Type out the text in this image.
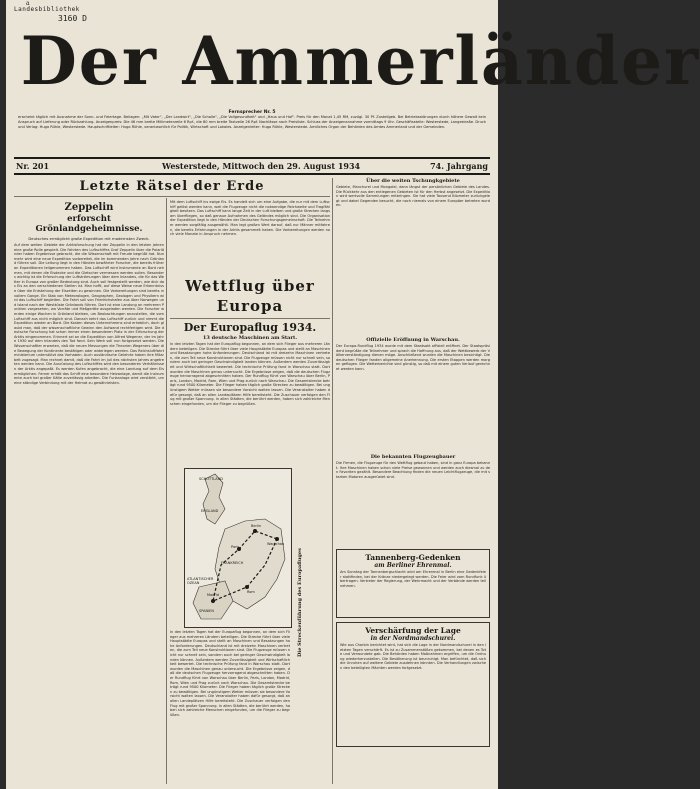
a
Landesbibliothek
3160 D
Der Ammerländer
Fernsprecher Nr. 5
erscheint täglich mit Ausnahme der Sonn- und Feiertage. Beilagen: „Mit Vater", „Der Landwirt", „Die Scholle", „Die Vollgesundheit" und „Haus und Hof". Preis für den Monat 1,45 RM, zuzügl. 30 Pf. Zustellgeb. Bei Betriebsstörungen durch höhere Gewalt kein Anspruch auf Lieferung oder Rückzahlung. Anzeigenpreis: Die 46 mm breite Millimeterzeile 6 Rpf., die 80 mm breite Textzeile 26 Rpf. Nachlässe nach Preisliste. Schluss der Anzeigenannahme vormittags 9 Uhr. Geschäftsstelle: Westerstede, Langestraße. Druck und Verlag: Hugo Rühle, Westerstede. Hauptschriftleiter: Hugo Rühle, verantwortlich für Politik, Wirtschaft und Lokales. Anzeigenleiter: Hugo Rühle, Westerstede. Amtliches Organ der Behörden des Amtes Ammerland und der Gemeinden.
Nr. 201	Westerstede, Mittwoch den 29. August 1934	74. Jahrgang
Letzte Rätsel der Erde
Zeppelin
erforscht Grönlandgeheimnisse.
Deutsches ermöglicht große Expedition mit modernsten Zweck.
Auf dem weiten Gebiete der Arktisforschung hat der Zeppelin in den letzten Jahren eine große Rolle gespielt. Die Fahrten des Luftschiffes Graf Zeppelin über die Polarländer haben Ergebnisse gebracht, die die Wissenschaft mit Freude begrüßt hat. Nunmehr wird eine neue Expedition vorbereitet, die im kommenden Jahre nach Grönland führen soll. Die Leitung liegt in den Händen bewährter Forscher, die bereits früher an Expeditionen teilgenommen haben. Das Luftschiff wird Instrumente an Bord nehmen, mit denen die Eisdecke und die Gletscher vermessen werden sollen. Besonders wichtig ist die Erforschung der Luftströmungen über dem Inlandeis, die für das Wetter in Europa von großer Bedeutung sind. Auch soll festgestellt werden, wie dick das Eis an den verschiedenen Stellen ist. Man hofft, auf diese Weise neue Erkenntnisse über die Entstehung der Eiszeiten zu gewinnen. Die Vorbereitungen sind bereits in vollem Gange. Ein Stab von Meteorologen, Geographen, Geologen und Physikern wird das Luftschiff begleiten. Die Fahrt soll von Friedrichshafen aus über Norwegen und Island nach der Westküste Grönlands führen. Dort ist eine Landung an mehreren Punkten vorgesehen, wo Vorräte und Meßgeräte ausgeladen werden. Die Forscher werden einige Wochen in Grönland bleiben, um Beobachtungen anzustellen, die vom Luftschiff aus nicht möglich sind. Danach kehrt das Luftschiff zurück und nimmt die Expedition wieder an Bord. Die Kosten dieses Unternehmens sind erheblich, doch glaubt man, daß der wissenschaftliche Gewinn den Aufwand rechtfertigen wird. Die deutsche Forschung hat schon immer einen besonderen Platz in der Erforschung der Arktis eingenommen. Erinnert sei an die Expedition von Alfred Wegener, der im Jahre 1930 auf dem Inlandeis den Tod fand. Sein Werk soll nun fortgesetzt werden. Die Wissenschaftler erwarten, daß die neuen Messungen die Theorien Wegeners über die Bewegung der Kontinente bestätigen oder widerlegen werden. Das Reichsluftfahrtministerium unterstützt das Vorhaben. Auch ausländische Gelehrte haben ihre Mitarbeit zugesagt. Man rechnet damit, daß die Fahrt im Juli des nächsten Jahres angetreten werden kann. Die Ausrüstung des Luftschiffes wird den besonderen Verhältnissen der Arktis angepaßt. Es werden Kufen angebracht, die eine Landung auf dem Eis ermöglichen. Ferner erhält das Schiff eine besondere Heizanlage, damit die Instrumente auch bei großer Kälte zuverlässig arbeiten. Die Funkanlage wird verstärkt, um eine ständige Verbindung mit der Heimat zu gewährleisten.
Mit dem Luftschiff ins ewige Eis. Es handelt sich um eine Aufgabe, die nur mit dem Luftschiff gelöst werden kann, weil die Flugzeuge nicht die notwendige Reichweite und Tragfähigkeit besitzen. Das Luftschiff kann lange Zeit in der Luft bleiben und große Strecken langsam überfliegen, so daß genaue Aufnahmen des Geländes möglich sind. Die Organisation der Expedition liegt in den Händen der Deutschen Forschungsgemeinschaft. Die Teilnehmer werden sorgfältig ausgewählt. Man legt großen Wert darauf, daß nur Männer mitfahren, die bereits Erfahrungen in der Arktis gesammelt haben. Die Vorbereitungen werden noch viele Monate in Anspruch nehmen.
Wettflug über Europa
Der Europaflug 1934.
13 deutsche Maschinen am Start.
In den letzten Tagen hat der Europaflug begonnen, an dem sich Flieger aus mehreren Ländern beteiligen. Die Strecke führt über viele Hauptstädte Europas und stellt an Maschinen und Besatzungen hohe Anforderungen. Deutschland ist mit dreizehn Maschinen vertreten, die zum Teil neue Konstruktionen sind. Die Flugzeuge müssen nicht nur schnell sein, sondern auch bei geringer Geschwindigkeit landen können. Außerdem werden Zuverlässigkeit und Wirtschaftlichkeit bewertet. Die technische Prüfung fand in Warschau statt. Dort wurden die Maschinen genau untersucht. Die Ergebnisse zeigen, daß die deutschen Flugzeuge hervorragend abgeschnitten haben. Der Rundflug führt von Warschau über Berlin, Paris, London, Madrid, Rom, Wien und Prag zurück nach Warschau. Die Gesamtstrecke beträgt rund 9500 Kilometer. Die Flieger haben täglich große Strecken zu bewältigen. Bei ungünstigem Wetter müssen sie besondere Vorsicht walten lassen. Die Veranstalter haben dafür gesorgt, daß an allen Landeplätzen Hilfe bereitsteht. Die Zuschauer verfolgen den Flug mit großer Spannung. In allen Städten, die berührt werden, haben sich zahlreiche Menschen eingefunden, um die Flieger zu begrüßen.
SCHOTTLAND
ENGLAND
FRANKREICH
SPANIEN
ATLANTISCHER OZEAN
Paris
Berlin
Warschau
Rom
Madrid	Die Streckenführung des Europafluges
In den letzten Tagen hat der Europaflug begonnen, an dem sich Flieger aus mehreren Ländern beteiligen. Die Strecke führt über viele Hauptstädte Europas und stellt an Maschinen und Besatzungen hohe Anforderungen. Deutschland ist mit dreizehn Maschinen vertreten, die zum Teil neue Konstruktionen sind. Die Flugzeuge müssen nicht nur schnell sein, sondern auch bei geringer Geschwindigkeit landen können. Außerdem werden Zuverlässigkeit und Wirtschaftlichkeit bewertet. Die technische Prüfung fand in Warschau statt. Dort wurden die Maschinen genau untersucht. Die Ergebnisse zeigen, daß die deutschen Flugzeuge hervorragend abgeschnitten haben. Der Rundflug führt von Warschau über Berlin, Paris, London, Madrid, Rom, Wien und Prag zurück nach Warschau. Die Gesamtstrecke beträgt rund 9500 Kilometer. Die Flieger haben täglich große Strecken zu bewältigen. Bei ungünstigem Wetter müssen sie besondere Vorsicht walten lassen. Die Veranstalter haben dafür gesorgt, daß an allen Landeplätzen Hilfe bereitsteht. Die Zuschauer verfolgen den Flug mit großer Spannung. In allen Städten, die berührt werden, haben sich zahlreiche Menschen eingefunden, um die Flieger zu begrüßen.
Über die weiten Tschungkgebiete
Gebiete, Manchurei und Mongolei, dann längst der persönlichen Gebiete des Landes. Die Rückkehr aus den entlegenen Gebieten ist für den Herbst angesetzt. Die Expedition wird wertvolle Sammlungen mitbringen. Sie hat viele Tausend Kilometer zurückgelegt und dabei Gegenden besucht, die noch niemals von einem Europäer betreten wurden.
Offizielle Eröffnung in Warschau.
Der Europa-Rundflug 1934 wurde mit dem Staatsakt offiziell eröffnet. Der Staatspräsident begrüßte die Teilnehmer und sprach die Hoffnung aus, daß der Wettbewerb der Völkerverständigung dienen möge. Anschließend wurden die Maschinen besichtigt. Die deutschen Flieger fanden allgemeine Anerkennung. Die ersten Etappen werden morgen geflogen. Die Wetterberichte sind günstig, so daß mit einem guten Verlauf gerechnet werden kann.
Die bekannten Flugzeugbauer
Die Firmen, die Flugzeuge für den Wettflug gebaut haben, sind in ganz Europa bekannt. Ihre Maschinen haben schon viele Preise gewonnen und werden auch diesmal zu den Favoriten gezählt. Besondere Beachtung finden die neuen Leichtflugzeuge, die mit starken Motoren ausgerüstet sind.
Tannenberg-Gedenken
am Berliner Ehrenmal.
Am Sonntag der Tannenbergschlacht wird am Ehrenmal in Berlin eine Gedenkfeier stattfinden, bei der Kränze niedergelegt werden. Die Feier wird vom Rundfunk übertragen. Vertreter der Regierung, der Wehrmacht und der Verbände werden teilnehmen.
Verschärfung der Lage
in der Nordmandschurei.
Wie aus Charbin berichtet wird, hat sich die Lage in der Nordmandschurei in den letzten Tagen verschärft. Es ist zu Zusammenstößen gekommen, bei denen es Tote und Verwundete gab. Die Behörden haben Maßnahmen ergriffen, um die Ordnung wiederherzustellen. Die Bevölkerung ist beunruhigt. Man befürchtet, daß sich die Unruhen auf weitere Gebiete ausdehnen könnten. Die Verhandlungen zwischen den beteiligten Mächten werden fortgesetzt.
